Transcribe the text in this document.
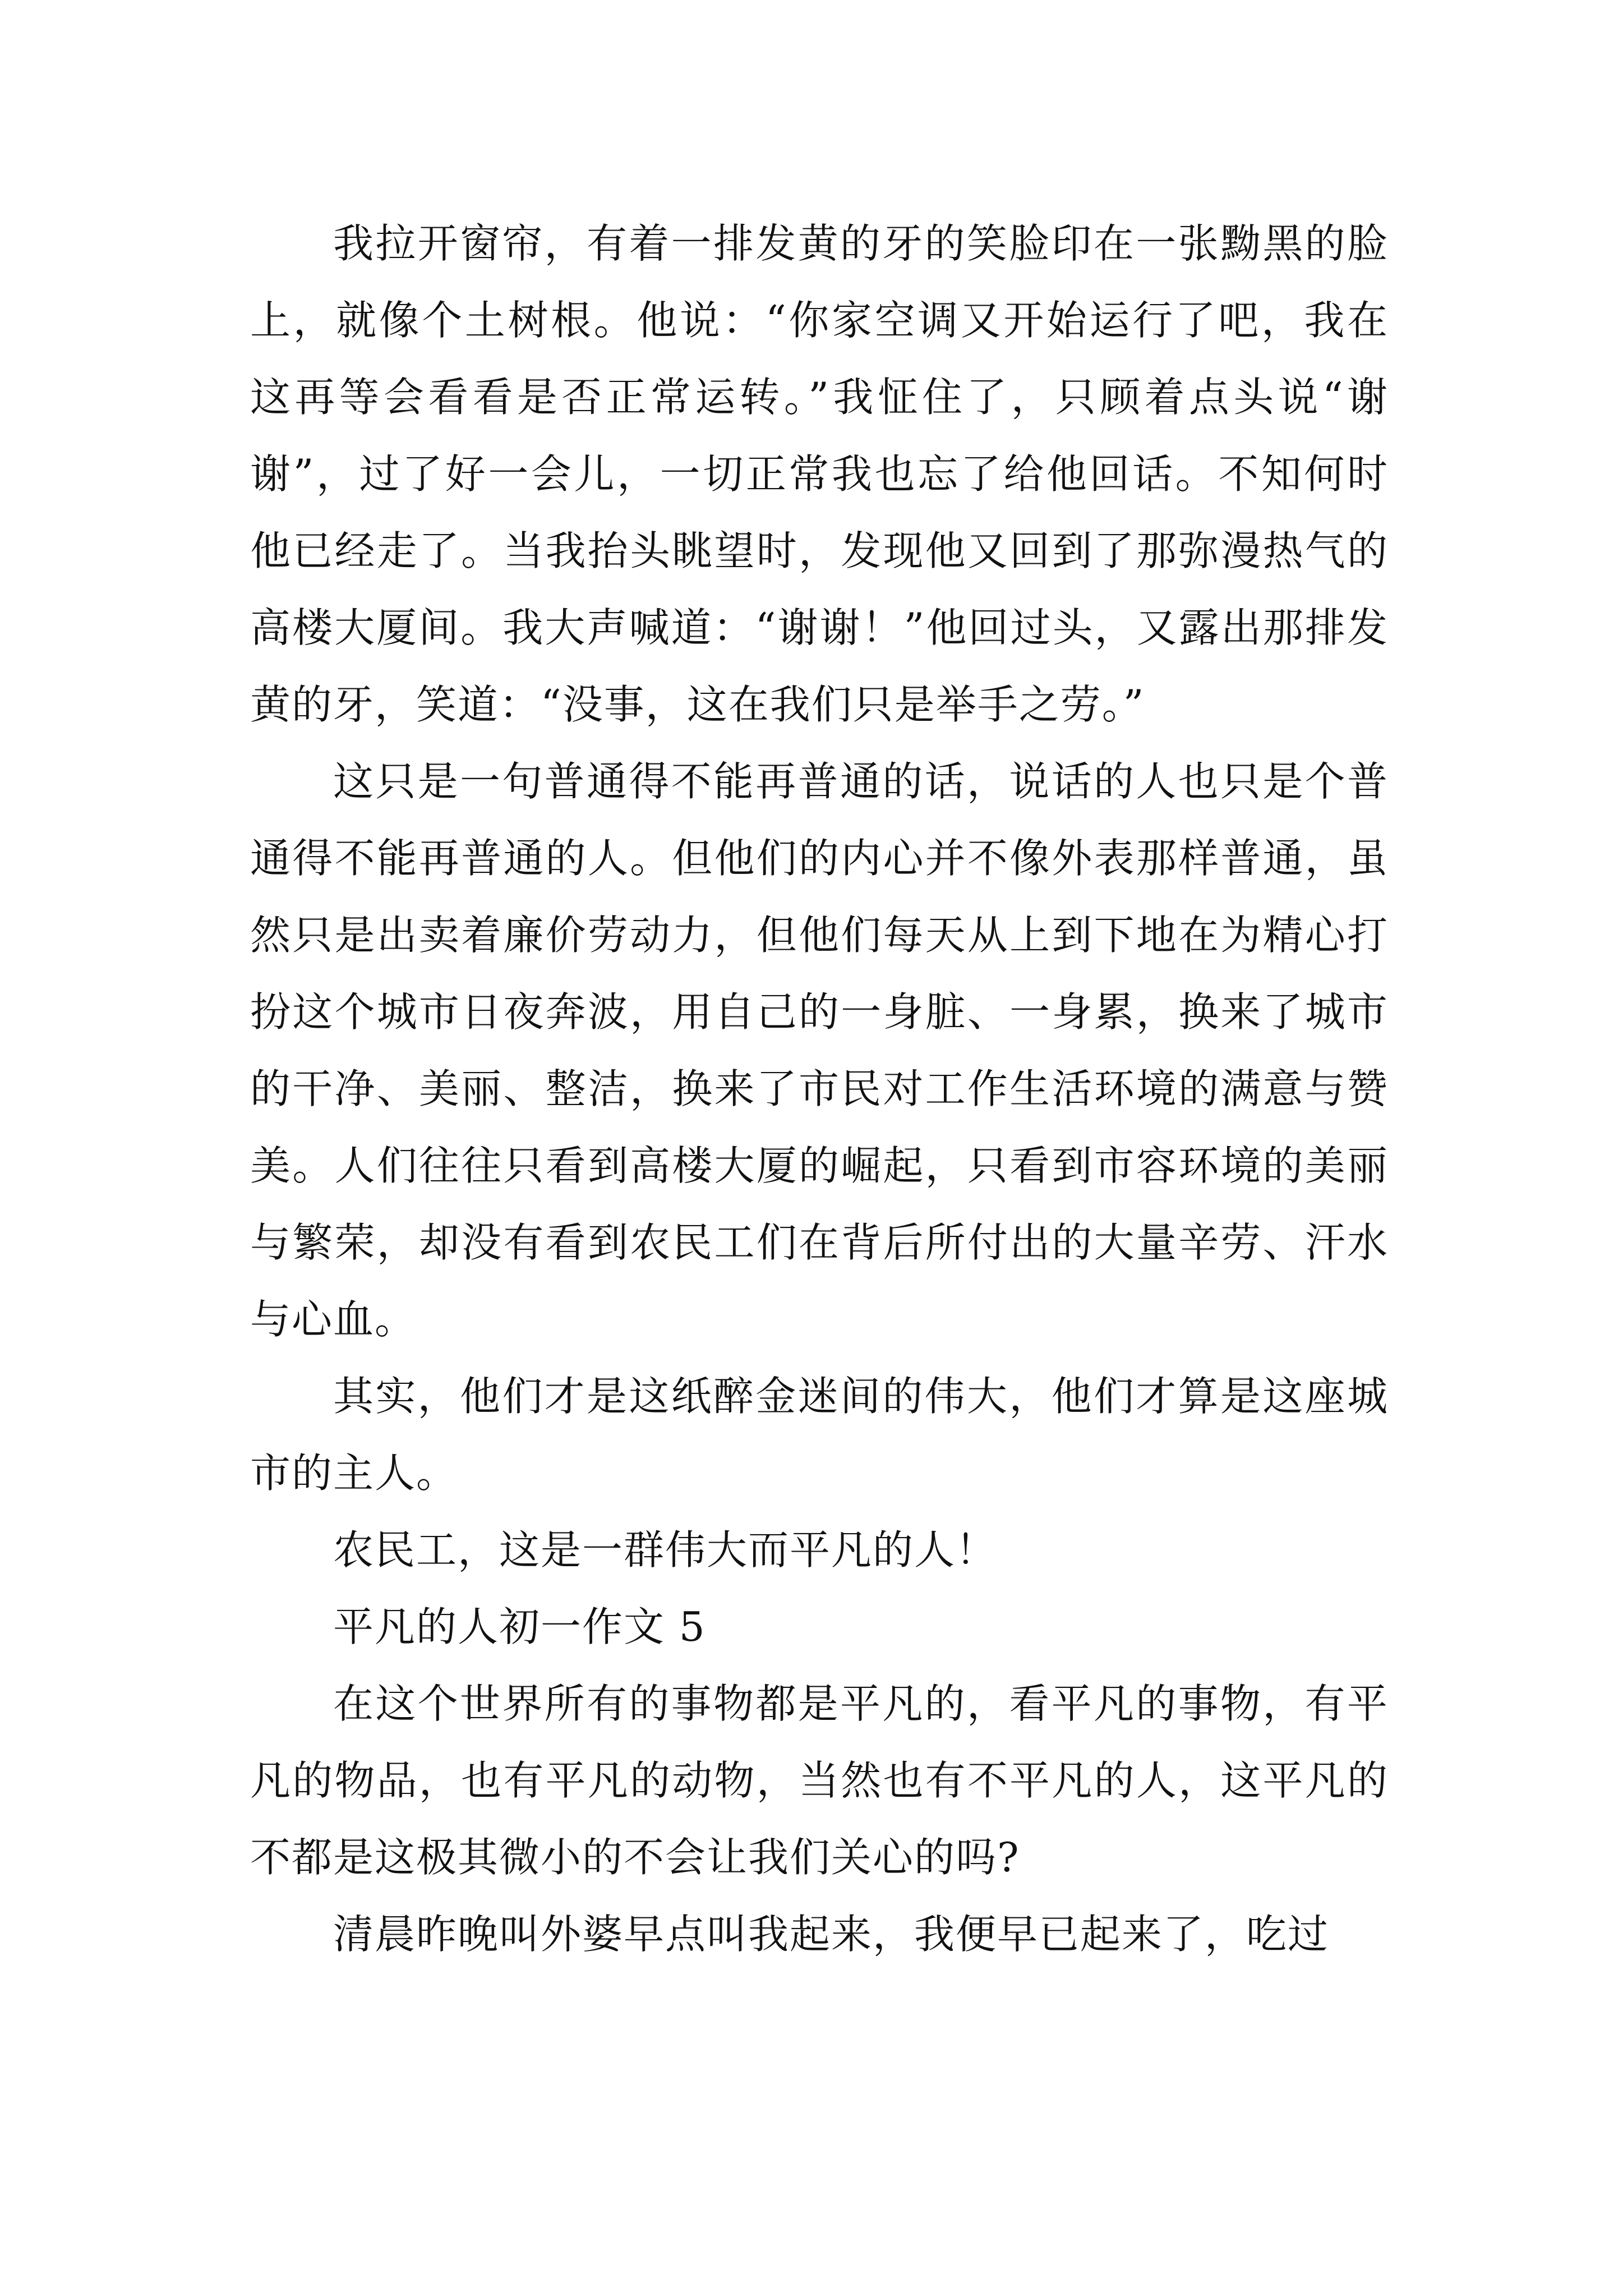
我拉开窗帘，有着一排发黄的牙的笑脸印在一张黝黑的脸上，就像个土树根。他说：“你家空调又开始运行了吧，我在这再等会看看是否正常运转。”我怔住了，只顾着点头说“谢谢”，过了好一会儿，一切正常我也忘了给他回话。不知何时他已经走了。当我抬头眺望时，发现他又回到了那弥漫热气的高楼大厦间。我大声喊道：“谢谢！”他回过头，又露出那排发黄的牙，笑道：“没事，这在我们只是举手之劳。”

这只是一句普通得不能再普通的话，说话的人也只是个普通得不能再普通的人。但他们的内心并不像外表那样普通，虽然只是出卖着廉价劳动力，但他们每天从上到下地在为精心打扮这个城市日夜奔波，用自己的一身脏、一身累，换来了城市的干净、美丽、整洁，换来了市民对工作生活环境的满意与赞美。人们往往只看到高楼大厦的崛起，只看到市容环境的美丽与繁荣，却没有看到农民工们在背后所付出的大量辛劳、汗水与心血。

其实，他们才是这纸醉金迷间的伟大，他们才算是这座城市的主人。

农民工，这是一群伟大而平凡的人！

平凡的人初一作文 5

在这个世界所有的事物都是平凡的，看平凡的事物，有平凡的物品，也有平凡的动物，当然也有不平凡的人，这平凡的不都是这极其微小的不会让我们关心的吗?

清晨昨晚叫外婆早点叫我起来，我便早已起来了，吃过
